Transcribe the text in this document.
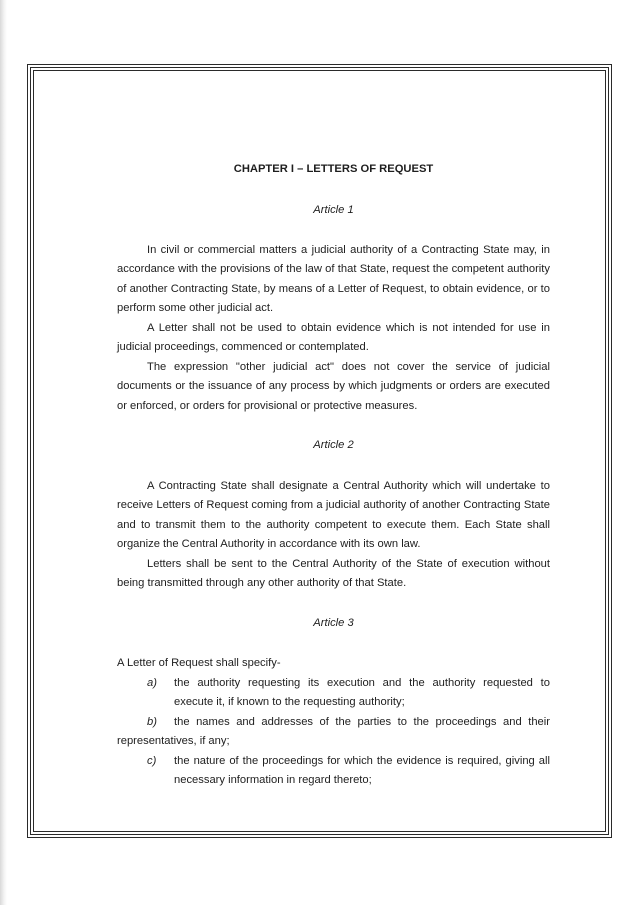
CHAPTER I – LETTERS OF REQUEST

Article 1

In civil or commercial matters a judicial authority of a Contracting State may, in accordance with the provisions of the law of that State, request the competent authority of another Contracting State, by means of a Letter of Request, to obtain evidence, or to perform some other judicial act.

A Letter shall not be used to obtain evidence which is not intended for use in judicial proceedings, commenced or contemplated.

The expression "other judicial act" does not cover the service of judicial documents or the issuance of any process by which judgments or orders are executed or enforced, or orders for provisional or protective measures.

Article 2

A Contracting State shall designate a Central Authority which will undertake to receive Letters of Request coming from a judicial authority of another Contracting State and to transmit them to the authority competent to execute them. Each State shall organize the Central Authority in accordance with its own law.

Letters shall be sent to the Central Authority of the State of execution without being transmitted through any other authority of that State.

Article 3

A Letter of Request shall specify-

a) the authority requesting its execution and the authority requested to execute it, if known to the requesting authority;
b) the names and addresses of the parties to the proceedings and their representatives, if any;
c) the nature of the proceedings for which the evidence is required, giving all necessary information in regard thereto;
